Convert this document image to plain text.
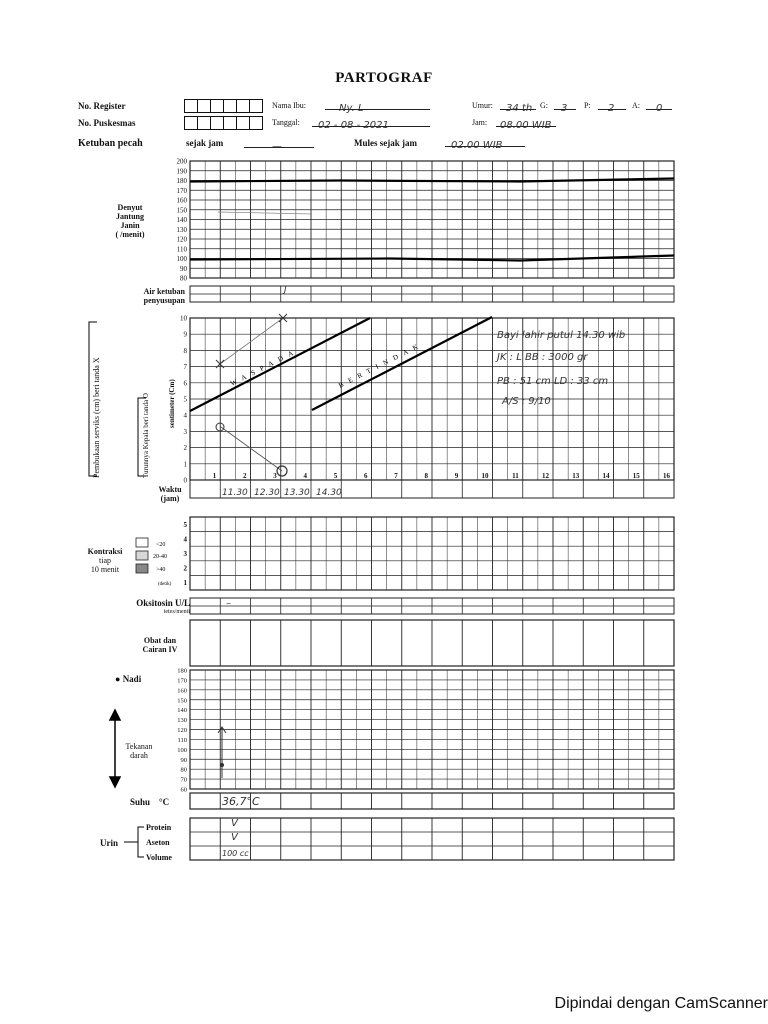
PARTOGRAF
No. Register
No. Puskesmas
Ketuban pecah	sejak jam	—
Nama Ibu:	Ny. L
Tanggal:	02 - 08 - 2021
Mules sejak jam	02.00 WIB
Umur:	34 th G:	3	P:	2	A:	0
Jam:	08.00 WIB
Denyut
Jantung
Janin
( /menit)
Air ketuban
penyusupan
Waktu
(jam)
Kontraksi
tiap
10 menit
Oksitosin U/L
tetes/menit
Obat dan
Cairan IV
● Nadi
Tekanan
darah
Suhu °C
Urin
Protein
Aseton
Volume
200
190
180
170
160
150
140
130
120
110
100
90
80
10
9
8
7
6
5
4
3
2
1
0
1	2	3	4	5	6	7	8	9	10	11	12	13	14	15	16
WASPADA	BERTINDAK
<20
20-40
>40
(detik)
5
4
3
2
1
180
170
160
150
140
130
120
110
100
90
80
70
60
Pembukaan serviks (cm) beri tanda X	Turunnya Kepala beri tanda O	sentimeter (Cm)
J
11.30 12.30 13.30 14.30
Bayi lahir putul 14.30 wib
JK : L BB : 3000 gr
PB : 51 cm LD : 33 cm
A/S : 9/10
–
36,7°C
V
V
100 cc
Dipindai dengan CamScanner
